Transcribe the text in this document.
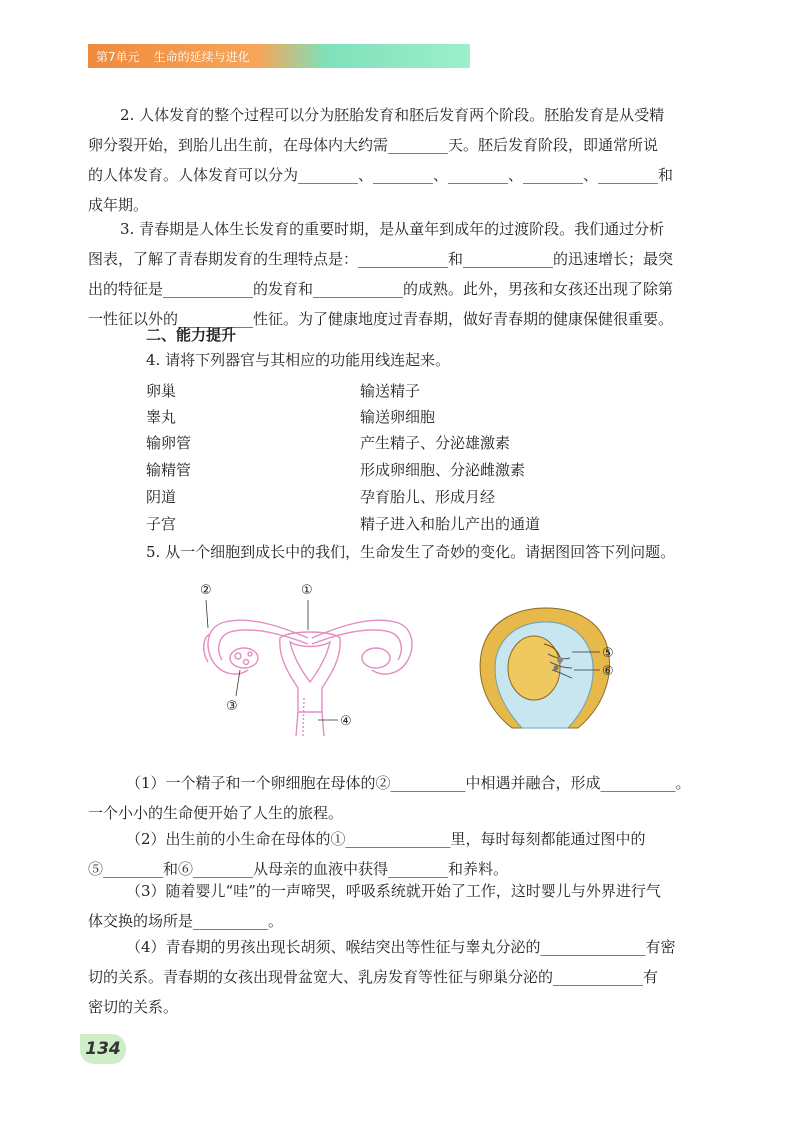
第7单元 生命的延续与进化
2. 人体发育的整个过程可以分为胚胎发育和胚后发育两个阶段。胚胎发育是从受精
卵分裂开始，到胎儿出生前，在母体内大约需________天。胚后发育阶段，即通常所说
的人体发育。人体发育可以分为________、________、________、________、________和
成年期。
3. 青春期是人体生长发育的重要时期，是从童年到成年的过渡阶段。我们通过分析
图表，了解了青春期发育的生理特点是：____________和____________的迅速增长；最突
出的特征是____________的发育和____________的成熟。此外，男孩和女孩还出现了除第
一性征以外的__________性征。为了健康地度过青春期，做好青春期的健康保健很重要。
二、能力提升
4. 请将下列器官与其相应的功能用线连起来。
卵巢	输送精子
睾丸	输送卵细胞
输卵管	产生精子、分泌雄激素
输精管	形成卵细胞、分泌雌激素
阴道	孕育胎儿、形成月经
子宫	精子进入和胎儿产出的通道
5. 从一个细胞到成长中的我们，生命发生了奇妙的变化。请据图回答下列问题。
②	①
③
④
⑤
⑥
（1）一个精子和一个卵细胞在母体的②__________中相遇并融合，形成__________。
一个小小的生命便开始了人生的旅程。
（2）出生前的小生命在母体的①______________里，每时每刻都能通过图中的
⑤________和⑥________从母亲的血液中获得________和养料。
（3）随着婴儿“哇”的一声啼哭，呼吸系统就开始了工作，这时婴儿与外界进行气
体交换的场所是__________。
（4）青春期的男孩出现长胡须、喉结突出等性征与睾丸分泌的______________有密
切的关系。青春期的女孩出现骨盆宽大、乳房发育等性征与卵巢分泌的____________有
密切的关系。
134
